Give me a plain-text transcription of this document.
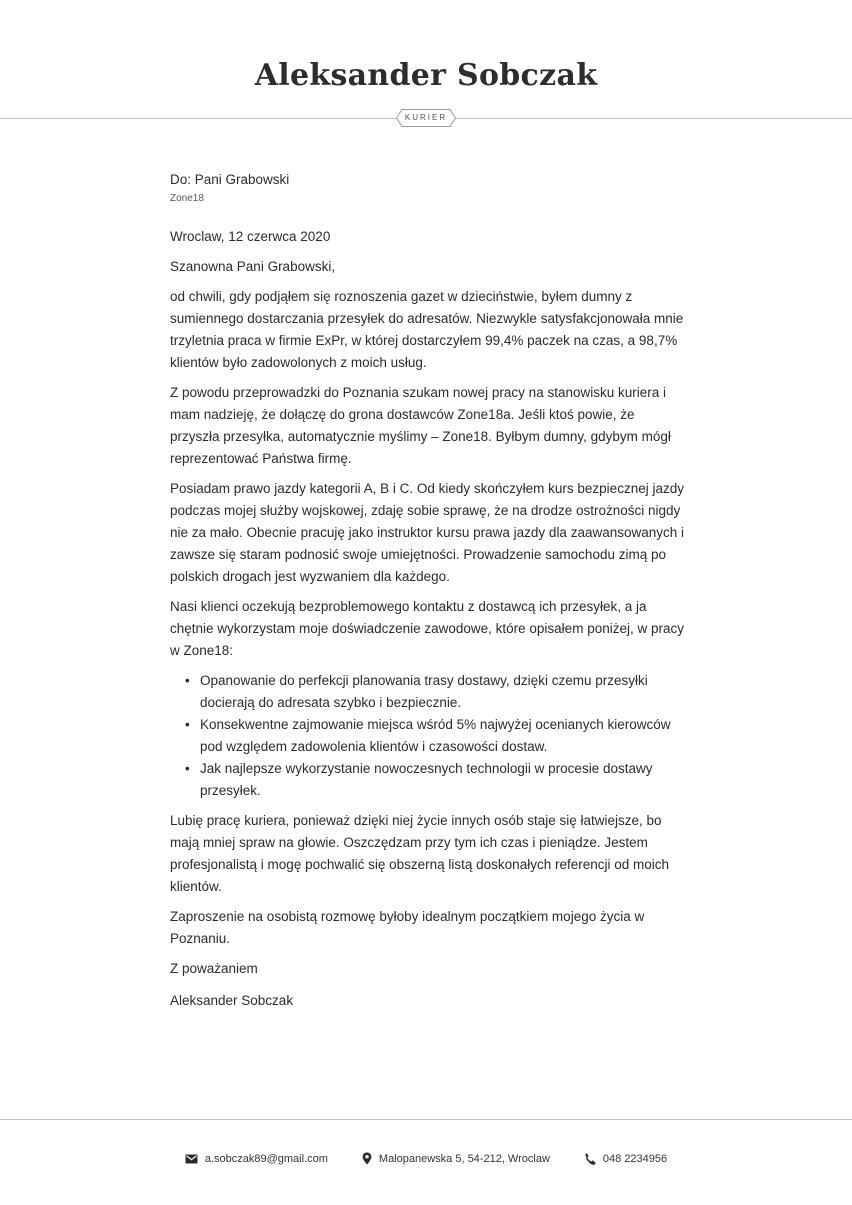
Aleksander Sobczak
KURIER

Do: Pani Grabowski

Zone18

Wroclaw, 12 czerwca 2020

Szanowna Pani Grabowski,

od chwili, gdy podjąłem się roznoszenia gazet w dzieciństwie, byłem dumny z sumiennego dostarczania przesyłek do adresatów. Niezwykle satysfakcjonowała mnie trzyletnia praca w firmie ExPr, w której dostarczyłem 99,4% paczek na czas, a 98,7% klientów było zadowolonych z moich usług.

Z powodu przeprowadzki do Poznania szukam nowej pracy na stanowisku kuriera i mam nadzieję, że dołączę do grona dostawców Zone18a. Jeśli ktoś powie, że przyszła przesyłka, automatycznie myślimy – Zone18. Byłbym dumny, gdybym mógł reprezentować Państwa firmę.

Posiadam prawo jazdy kategorii A, B i C. Od kiedy skończyłem kurs bezpiecznej jazdy podczas mojej służby wojskowej, zdaję sobie sprawę, że na drodze ostrożności nigdy nie za mało. Obecnie pracuję jako instruktor kursu prawa jazdy dla zaawansowanych i zawsze się staram podnosić swoje umiejętności. Prowadzenie samochodu zimą po polskich drogach jest wyzwaniem dla każdego.

Nasi klienci oczekują bezproblemowego kontaktu z dostawcą ich przesyłek, a ja chętnie wykorzystam moje doświadczenie zawodowe, które opisałem poniżej, w pracy w Zone18:

• Opanowanie do perfekcji planowania trasy dostawy, dzięki czemu przesyłki docierają do adresata szybko i bezpiecznie.
• Konsekwentne zajmowanie miejsca wśród 5% najwyżej ocenianych kierowców pod względem zadowolenia klientów i czasowości dostaw.
• Jak najlepsze wykorzystanie nowoczesnych technologii w procesie dostawy przesyłek.

Lubię pracę kuriera, ponieważ dzięki niej życie innych osób staje się łatwiejsze, bo mają mniej spraw na głowie. Oszczędzam przy tym ich czas i pieniądze. Jestem profesjonalistą i mogę pochwalić się obszerną listą doskonałych referencji od moich klientów.

Zaproszenie na osobistą rozmowę byłoby idealnym początkiem mojego życia w Poznaniu.

Z poważaniem

Aleksander Sobczak

a.sobczak89@gmail.com	Malopanewska 5, 54-212, Wroclaw	048 2234956
